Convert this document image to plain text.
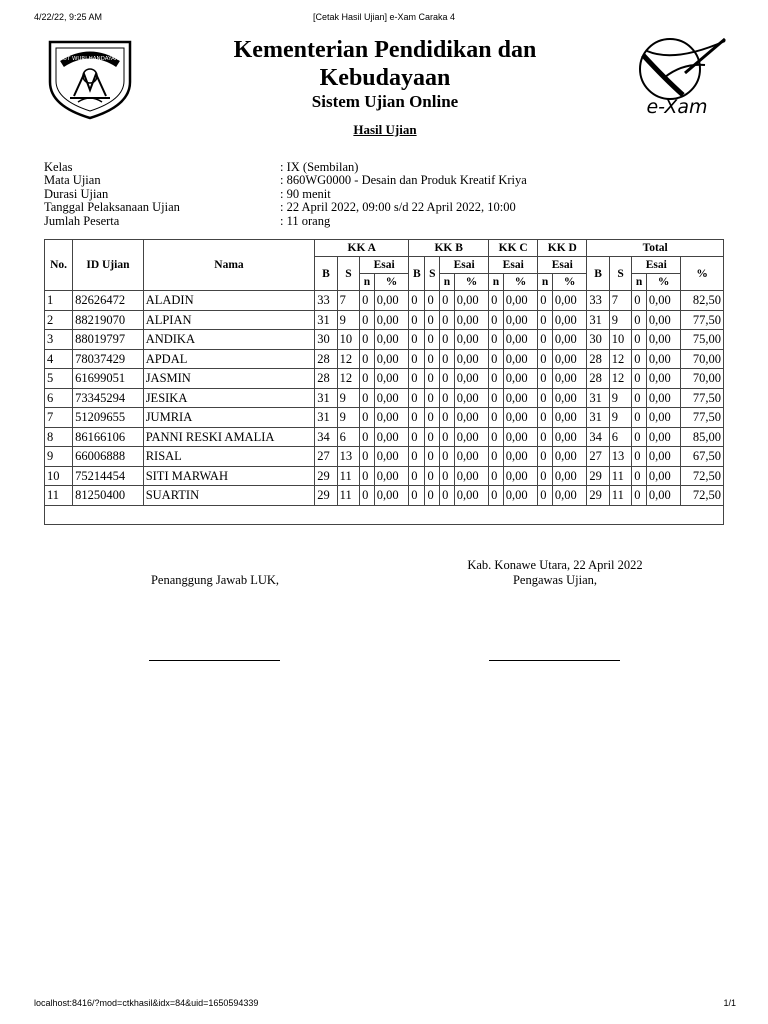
4/22/22, 9:25 AM	[Cetak Hasil Ujian] e-Xam Caraka 4
localhost:8416/?mod=ctkhasil&idx=84&uid=1650594339	1/1
TUT WURI HANDAYANI
e-Xam
Kementerian Pendidikan dan
Kebudayaan
Sistem Ujian Online
Hasil Ujian
Kelas	: IX (Sembilan)
Mata Ujian	: 860WG0000 - Desain dan Produk Kreatif Kriya
Durasi Ujian	: 90 menit
Tanggal Pelaksanaan Ujian	: 22 April 2022, 09:00 s/d 22 April 2022, 10:00
Jumlah Peserta	: 11 orang
No.	ID Ujian	Nama	KK A				KK B				KK C		KK D		Total				
			B	S	Esai		B	S	Esai		Esai		Esai		B	S	Esai		%
					n	%			n	%	n	%	n	%			n	%	
1	82626472	ALADIN	33	7	0	0,00	0	0	0	0,00	0	0,00	0	0,00	33	7	0	0,00	82,50
2	88219070	ALPIAN	31	9	0	0,00	0	0	0	0,00	0	0,00	0	0,00	31	9	0	0,00	77,50
3	88019797	ANDIKA	30	10	0	0,00	0	0	0	0,00	0	0,00	0	0,00	30	10	0	0,00	75,00
4	78037429	APDAL	28	12	0	0,00	0	0	0	0,00	0	0,00	0	0,00	28	12	0	0,00	70,00
5	61699051	JASMIN	28	12	0	0,00	0	0	0	0,00	0	0,00	0	0,00	28	12	0	0,00	70,00
6	73345294	JESIKA	31	9	0	0,00	0	0	0	0,00	0	0,00	0	0,00	31	9	0	0,00	77,50
7	51209655	JUMRIA	31	9	0	0,00	0	0	0	0,00	0	0,00	0	0,00	31	9	0	0,00	77,50
8	86166106	PANNI RESKI AMALIA	34	6	0	0,00	0	0	0	0,00	0	0,00	0	0,00	34	6	0	0,00	85,00
9	66006888	RISAL	27	13	0	0,00	0	0	0	0,00	0	0,00	0	0,00	27	13	0	0,00	67,50
10	75214454	SITI MARWAH	29	11	0	0,00	0	0	0	0,00	0	0,00	0	0,00	29	11	0	0,00	72,50
11	81250400	SUARTIN	29	11	0	0,00	0	0	0	0,00	0	0,00	0	0,00	29	11	0	0,00	72,50

Kab. Konawe Utara, 22 April 2022
Penanggung Jawab LUK,	Pengawas Ujian,
